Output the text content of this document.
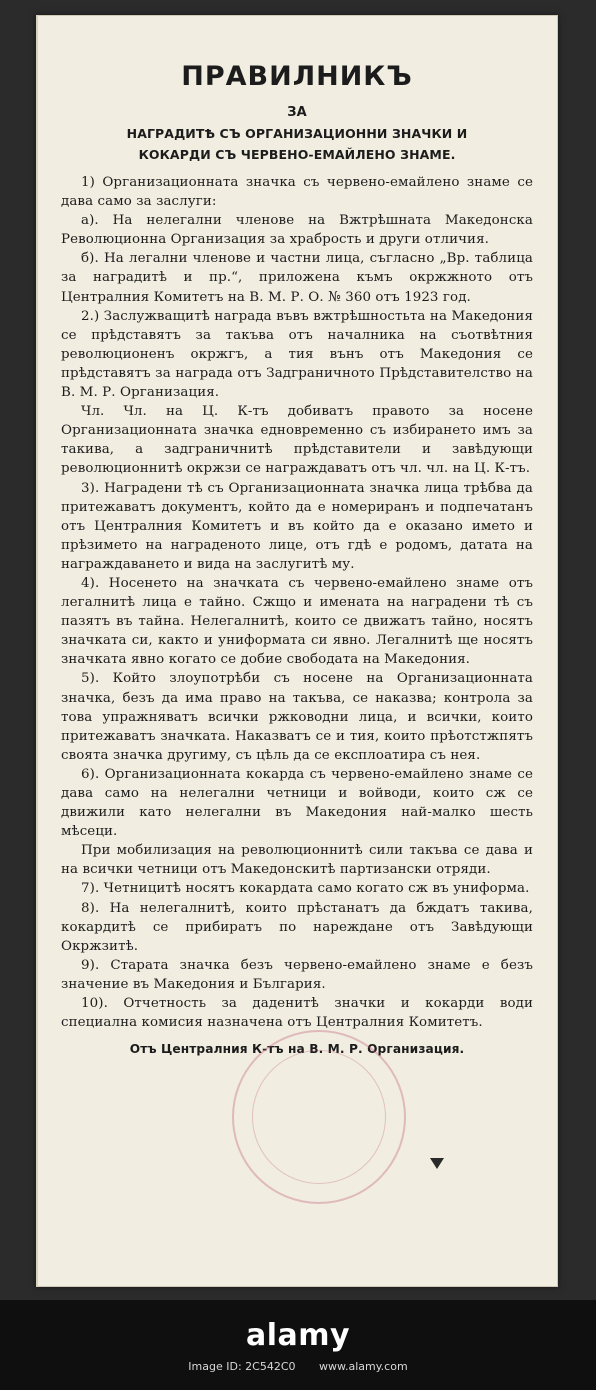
ПРАВИЛНИКЪ
ЗА
НАГРАДИТѢ СЪ ОРГАНИЗАЦИОННИ ЗНАЧКИ И
КОКАРДИ СЪ ЧЕРВЕНО-ЕМАЙЛЕНО ЗНАМЕ.

1) Организационната значка съ червено-емайлено знаме се дава само за заслуги:

а). На нелегални членове на Вжтрѣшната Македонска Революционна Организация за храбрость и други отличия.

б). На легални членове и частни лица, съгласно „Вр. таблица за наградитѣ и пр.“, приложена къмъ окржжното отъ Централния Комитетъ на В. М. Р. О. № 360 отъ 1923 год.

2.) Заслужващитѣ награда въвъ вжтрѣшностьта на Македония се прѣдставятъ за такъва отъ началника на съотвѣтния революционенъ окржгъ, а тия вънъ отъ Македония се прѣдставятъ за награда отъ Задграничното Прѣдставителство на В. М. Р. Организация.

Чл. Чл. на Ц. К-тъ добиватъ правото за носене Организационната значка едновременно съ избирането имъ за такива, а задграничнитѣ прѣдставители и завѣдующи революционнитѣ окржзи се награждаватъ отъ чл. чл. на Ц. К-тъ.

3). Наградени тѣ съ Организационната значка лица трѣбва да притежаватъ документъ, който да е номериранъ и подпечатанъ отъ Централния Комитетъ и въ който да е оказано името и прѣзимето на награденото лице, отъ гдѣ е родомъ, датата на награждаването и вида на заслугитѣ му.

4). Носенето на значката съ червено-емайлено знаме отъ легалнитѣ лица е тайно. Сжщо и имената на наградени тѣ съ пазятъ въ тайна. Нелегалнитѣ, които се движатъ тайно, носятъ значката си, както и униформата си явно. Легалнитѣ ще носятъ значката явно когато се добие свободата на Македония.

5). Който злоупотрѣби съ носене на Организационната значка, безъ да има право на такъва, се наказва; контрола за това упражняватъ всички ржководни лица, и всички, които притежаватъ значката. Наказватъ се и тия, които прѣотстжпятъ своята значка другиму, съ цѣль да се експлоатира съ нея.

6). Организационната кокарда съ червено-емайлено знаме се дава само на нелегални четници и войводи, които сж се движили като нелегални въ Македония най-малко шесть мѣсеци.

При мобилизация на революционнитѣ сили такъва се дава и на всички четници отъ Македонскитѣ партизански отряди.

7). Четницитѣ носятъ кокардата само когато сж въ униформа.

8). На нелегалнитѣ, които прѣстанатъ да бждатъ такива, кокардитѣ се прибиратъ по нареждане отъ Завѣдующи Окржзитѣ.

9). Старата значка безъ червено-емайлено знаме е безъ значение въ Македония и България.

10). Отчетность за даденитѣ значки и кокарди води специална комисия назначена отъ Централния Комитетъ.

Отъ Централния К-тъ на В. М. Р. Организация.
alamy
Image ID: 2C542C0 www.alamy.com
